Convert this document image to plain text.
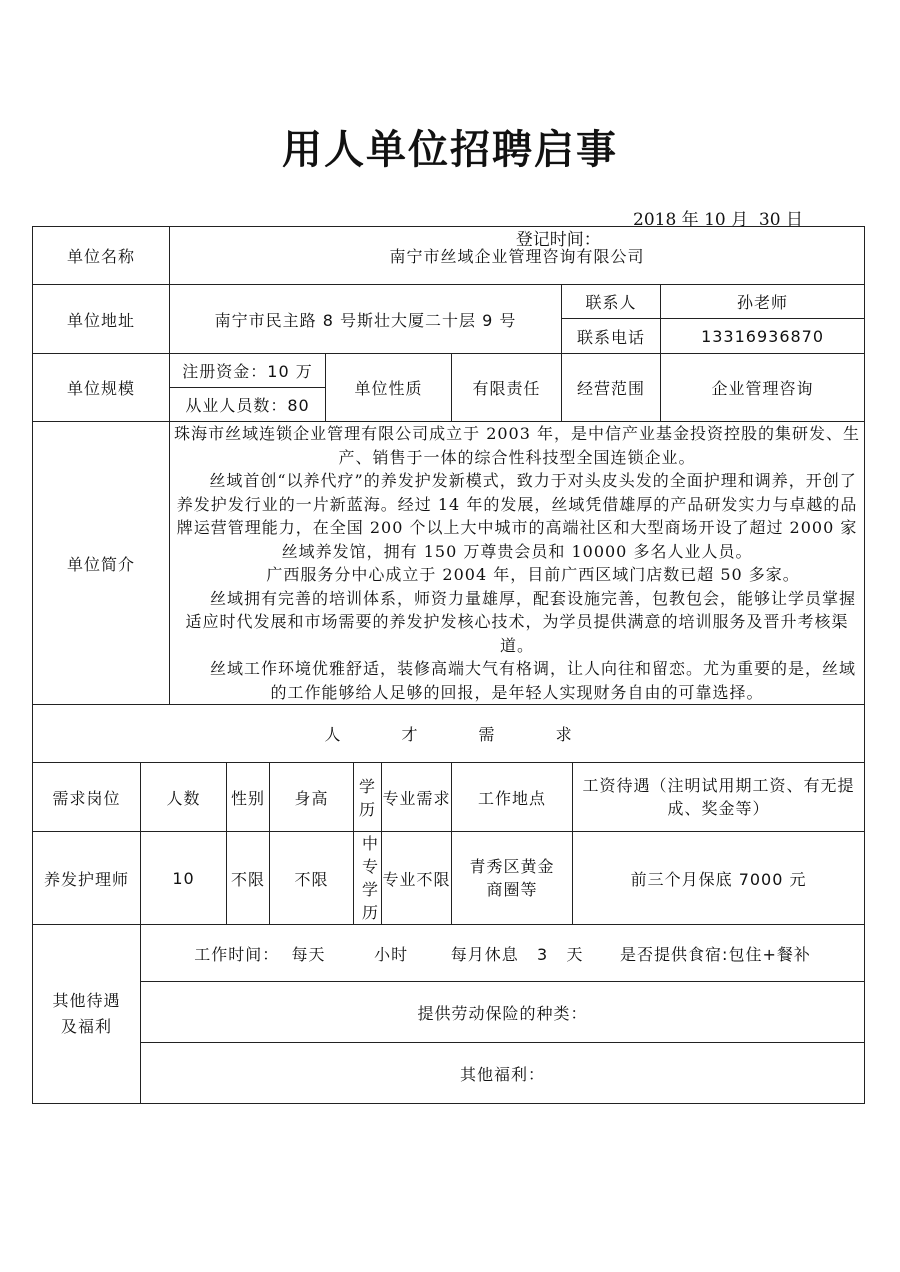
用人单位招聘启事

登记时间：

2018 年 10 月  30 日

单位名称		南宁市丝域企业管理咨询有限公司									
单位地址		南宁市民主路 8 号斯壮大厦二十层 9 号							联系人		孙老师
									联系电话		13316936870
单位规模		注册资金：10 万			单位性质			有限责任	经营范围		企业管理咨询
		从业人员数：80									
单位简介		珠海市丝域连锁企业管理有限公司成立于 2003 年，是中信产业基金投资控股的集研发、生产、销售于一体的综合性科技型全国连锁企业。

丝域首创“以养代疗”的养发护发新模式，致力于对头皮头发的全面护理和调养，开创了养发护发行业的一片新蓝海。经过 14 年的发展，丝域凭借雄厚的产品研发实力与卓越的品牌运营管理能力，在全国 200 个以上大中城市的高端社区和大型商场开设了超过 2000 家丝域养发馆，拥有 150 万尊贵会员和 10000 多名人业人员。

广西服务分中心成立于 2004 年，目前广西区域门店数已超 50 多家。

丝域拥有完善的培训体系，师资力量雄厚，配套设施完善，包教包会，能够让学员掌握适应时代发展和市场需要的养发护发核心技术，为学员提供满意的培训服务及晋升考核渠道。

丝域工作环境优雅舒适，装修高端大气有格调，让人向往和留恋。尤为重要的是，丝域的工作能够给人足够的回报，是年轻人实现财务自由的可靠选择。									

人 才 需 求											
需求岗位	人数		性别	身高		学历	专业需求	工作地点		工资待遇（注明试用期工资、有无提成、奖金等）	
养发护理师	10		不限	不限		中专学历	专业不限	青秀区黄金商圈等		前三个月保底 7000 元	
其他待遇及福利	工作时间： 每天 小时 每月休息 3 天 是否提供食宿:包住+餐补										
	提供劳动保险的种类：										
	其他福利：										
